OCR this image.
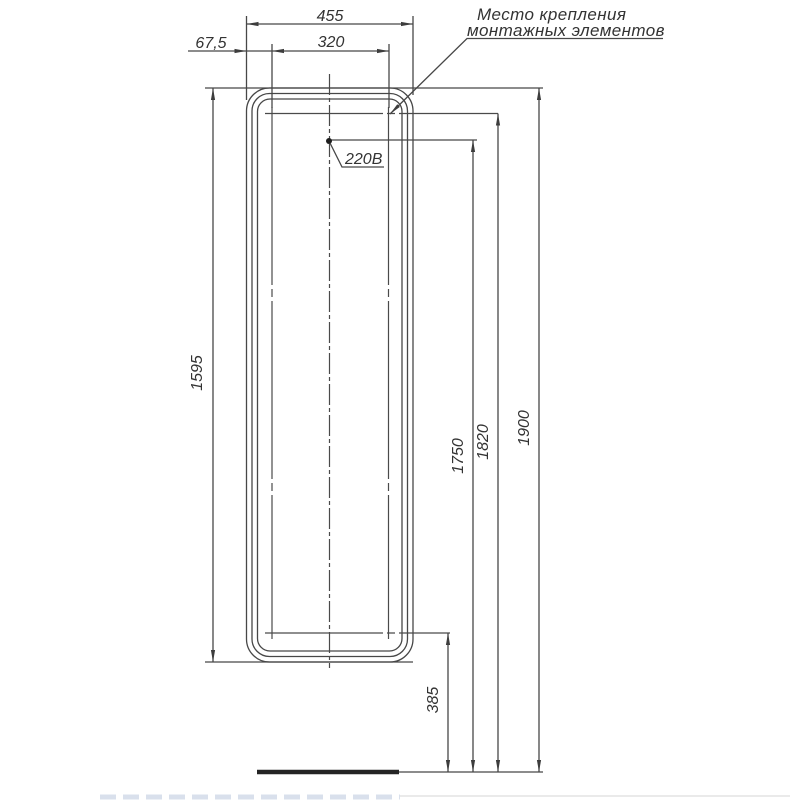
455
320
67,5
1595
1750 1820 1900
385
Место крепления
монтажных элементов
220В
